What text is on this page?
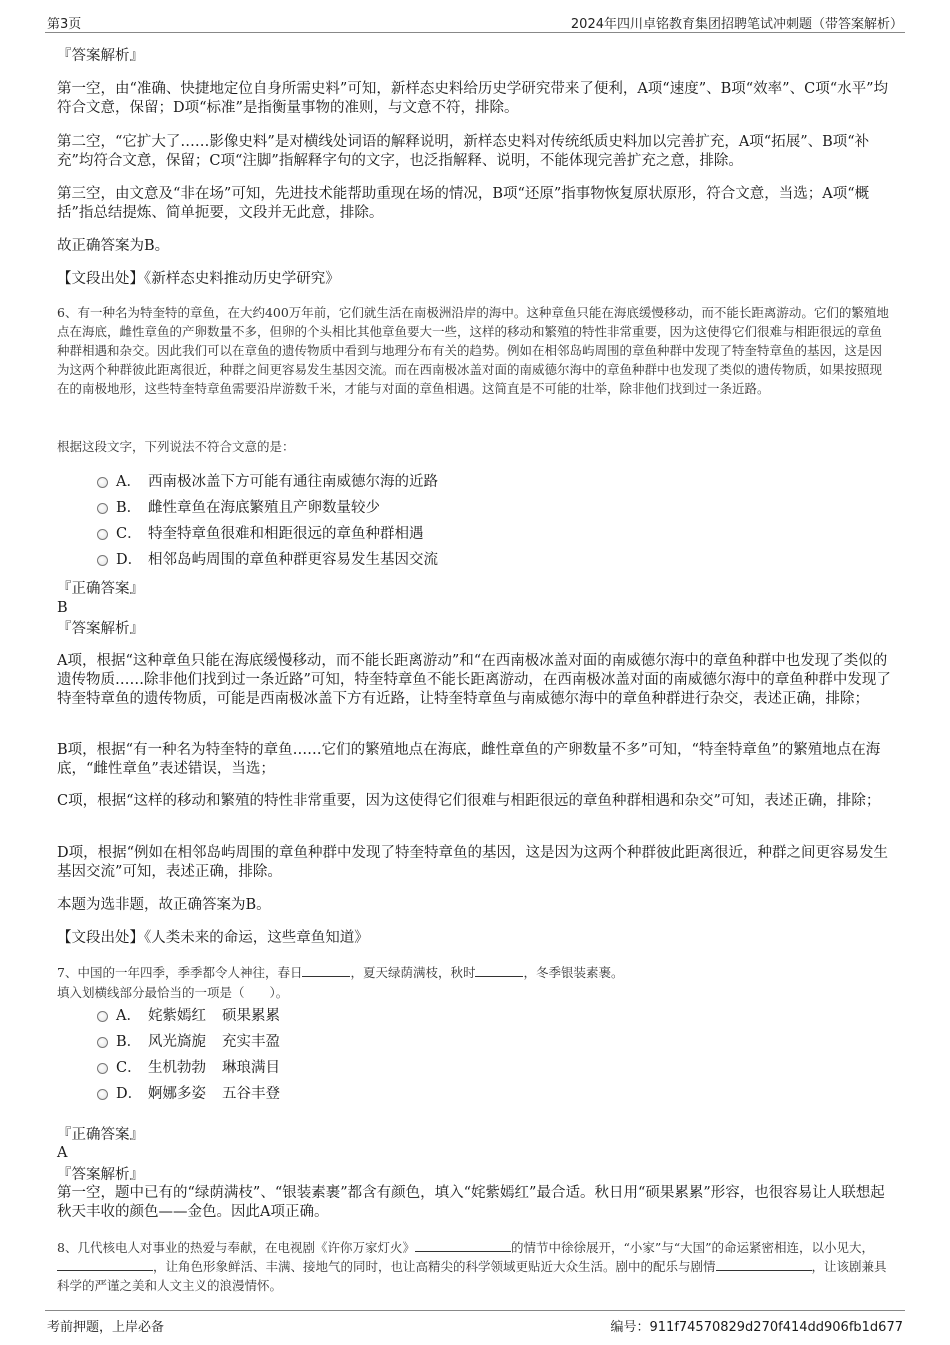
第3页	2024年四川卓铭教育集团招聘笔试冲刺题（带答案解析）

『答案解析』

第一空，由“准确、快捷地定位自身所需史料”可知，新样态史料给历史学研究带来了便利，A项“速度”、B项“效率”、C项“水平”均符合文意，保留；D项“标准”是指衡量事物的准则，与文意不符，排除。

第二空，“它扩大了……影像史料”是对横线处词语的解释说明，新样态史料对传统纸质史料加以完善扩充，A项“拓展”、B项“补充”均符合文意，保留；C项“注脚”指解释字句的文字，也泛指解释、说明，不能体现完善扩充之意，排除。

第三空，由文意及“非在场”可知，先进技术能帮助重现在场的情况，B项“还原”指事物恢复原状原形，符合文意，当选；A项“概括”指总结提炼、简单扼要，文段并无此意，排除。

故正确答案为B。

【文段出处】《新样态史料推动历史学研究》

6、有一种名为特奎特的章鱼，在大约400万年前，它们就生活在南极洲沿岸的海中。这种章鱼只能在海底缓慢移动，而不能长距离游动。它们的繁殖地点在海底，雌性章鱼的产卵数量不多，但卵的个头相比其他章鱼要大一些，这样的移动和繁殖的特性非常重要，因为这使得它们很难与相距很远的章鱼种群相遇和杂交。因此我们可以在章鱼的遗传物质中看到与地理分布有关的趋势。例如在相邻岛屿周围的章鱼种群中发现了特奎特章鱼的基因，这是因为这两个种群彼此距离很近，种群之间更容易发生基因交流。而在西南极冰盖对面的南威德尔海中的章鱼种群中也发现了类似的遗传物质，如果按照现在的南极地形，这些特奎特章鱼需要沿岸游数千米，才能与对面的章鱼相遇。这简直是不可能的壮举，除非他们找到过一条近路。

根据这段文字，下列说法不符合文意的是：

A． 西南极冰盖下方可能有通往南威德尔海的近路
B． 雌性章鱼在海底繁殖且产卵数量较少
C． 特奎特章鱼很难和相距很远的章鱼种群相遇
D． 相邻岛屿周围的章鱼种群更容易发生基因交流

『正确答案』

B

『答案解析』

A项，根据“这种章鱼只能在海底缓慢移动，而不能长距离游动”和“在西南极冰盖对面的南威德尔海中的章鱼种群中也发现了类似的遗传物质……除非他们找到过一条近路”可知，特奎特章鱼不能长距离游动，在西南极冰盖对面的南威德尔海中的章鱼种群中发现了特奎特章鱼的遗传物质，可能是西南极冰盖下方有近路，让特奎特章鱼与南威德尔海中的章鱼种群进行杂交，表述正确，排除；

B项，根据“有一种名为特奎特的章鱼……它们的繁殖地点在海底，雌性章鱼的产卵数量不多”可知，“特奎特章鱼”的繁殖地点在海底，“雌性章鱼”表述错误，当选；

C项，根据“这样的移动和繁殖的特性非常重要，因为这使得它们很难与相距很远的章鱼种群相遇和杂交”可知，表述正确，排除；

D项，根据“例如在相邻岛屿周围的章鱼种群中发现了特奎特章鱼的基因，这是因为这两个种群彼此距离很近，种群之间更容易发生基因交流”可知，表述正确，排除。

本题为选非题，故正确答案为B。

【文段出处】《人类未来的命运，这些章鱼知道》

7、中国的一年四季，季季都令人神往，春日	，夏天绿荫满枝，秋时	，冬季银装素裹。

填入划横线部分最恰当的一项是（　　）。

A． 姹紫嫣红 硕果累累
B． 风光旖旎 充实丰盈
C． 生机勃勃 琳琅满目
D． 婀娜多姿 五谷丰登

『正确答案』

A

『答案解析』

第一空，题中已有的“绿荫满枝”、“银装素裹”都含有颜色，填入“姹紫嫣红”最合适。秋日用“硕果累累”形容，也很容易让人联想起秋天丰收的颜色——金色。因此A项正确。

8、几代核电人对事业的热爱与奉献，在电视剧《许你万家灯火》	的情节中徐徐展开，“小家”与“大国”的命运紧密相连，以小见大，，让角色形象鲜活、丰满、接地气的同时，也让高精尖的科学领域更贴近大众生活。剧中的配乐与剧情	，让该剧兼具科学的严谨之美和人文主义的浪漫情怀。

考前押题，上岸必备	编号：911f74570829d270f414dd906fb1d677
